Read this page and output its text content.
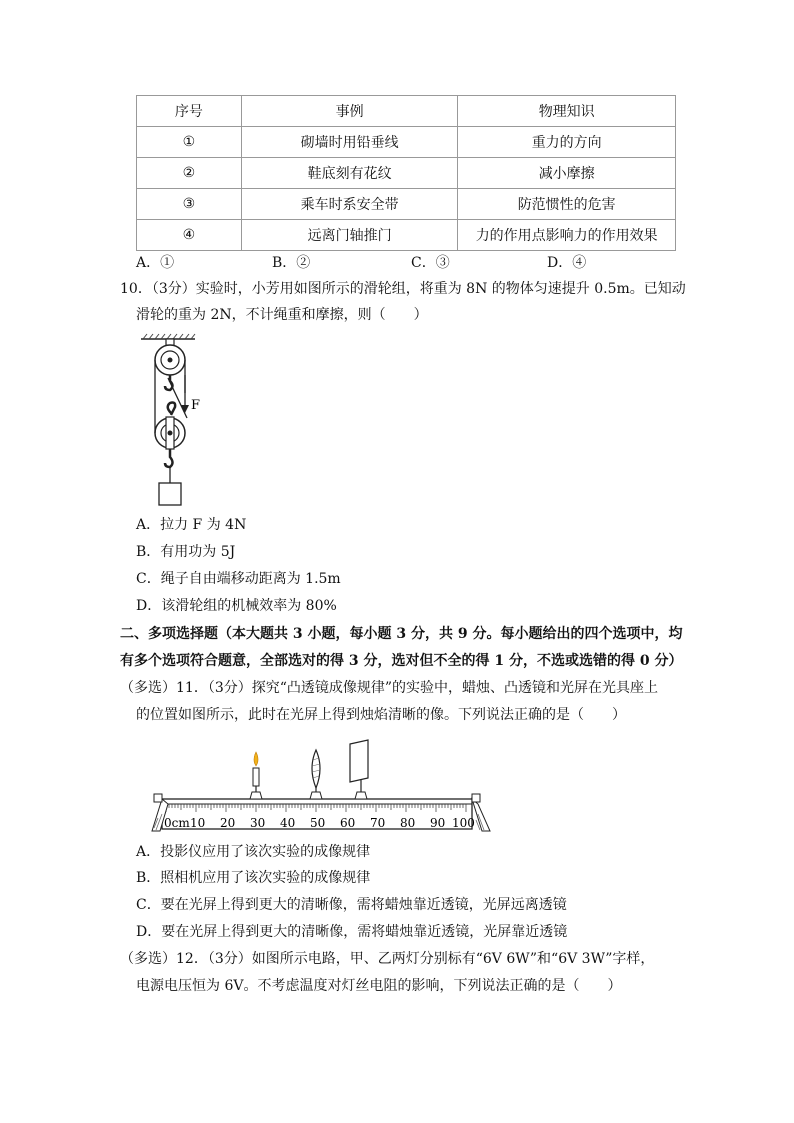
序号	事例	物理知识
①	砌墙时用铅垂线	重力的方向
②	鞋底刻有花纹	减小摩擦
③	乘车时系安全带	防范惯性的危害
④	远离门轴推门	力的作用点影响力的作用效果
A．①	B．②	C．③	D．④
10．（3分）实验时，小芳用如图所示的滑轮组，将重为 8N 的物体匀速提升 0.5m。已知动
滑轮的重为 2N，不计绳重和摩擦，则（　　）
F
A．拉力 F 为 4N
B．有用功为 5J
C．绳子自由端移动距离为 1.5m
D．该滑轮组的机械效率为 80%
二、多项选择题（本大题共 3 小题，每小题 3 分，共 9 分。每小题给出的四个选项中，均
有多个选项符合题意，全部选对的得 3 分，选对但不全的得 1 分，不选或选错的得 0 分）
（多选）11．（3分）探究“凸透镜成像规律”的实验中，蜡烛、凸透镜和光屏在光具座上
的位置如图所示，此时在光屏上得到烛焰清晰的像。下列说法正确的是（　　）
0cm 10 20 30 40 50 60 70 80 90 100
A．投影仪应用了该次实验的成像规律
B．照相机应用了该次实验的成像规律
C．要在光屏上得到更大的清晰像，需将蜡烛靠近透镜，光屏远离透镜
D．要在光屏上得到更大的清晰像，需将蜡烛靠近透镜，光屏靠近透镜
（多选）12．（3分）如图所示电路，甲、乙两灯分别标有“6V 6W”和“6V 3W”字样，
电源电压恒为 6V。不考虑温度对灯丝电阻的影响，下列说法正确的是（　　）
